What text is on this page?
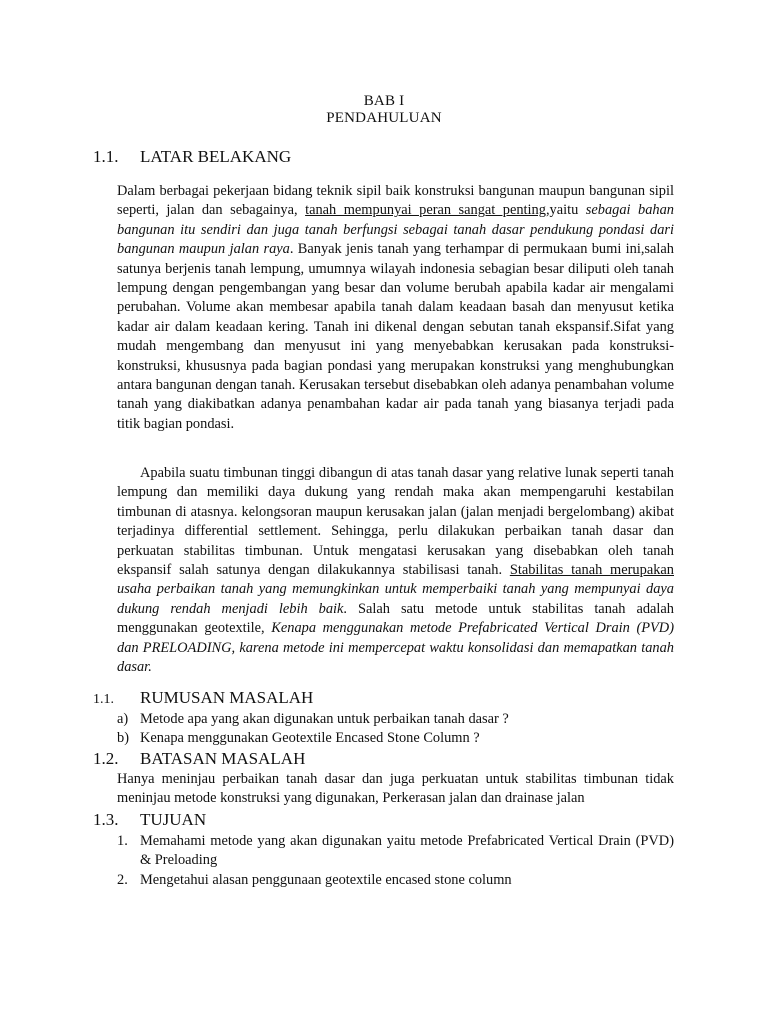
BAB I
PENDAHULUAN
1.1. LATAR BELAKANG
Dalam berbagai pekerjaan bidang teknik sipil baik konstruksi bangunan maupun bangunan sipil seperti, jalan dan sebagainya, tanah mempunyai peran sangat penting,yaitu sebagai bahan bangunan itu sendiri dan juga tanah berfungsi sebagai tanah dasar pendukung pondasi dari bangunan maupun jalan raya. Banyak jenis tanah yang terhampar di permukaan bumi ini,salah satunya berjenis tanah lempung, umumnya wilayah indonesia sebagian besar diliputi oleh tanah lempung dengan pengembangan yang besar dan volume berubah apabila kadar air mengalami perubahan. Volume akan membesar apabila tanah dalam keadaan basah dan menyusut ketika kadar air dalam keadaan kering. Tanah ini dikenal dengan sebutan tanah ekspansif.Sifat yang mudah mengembang dan menyusut ini yang menyebabkan kerusakan pada konstruksi-konstruksi, khususnya pada bagian pondasi yang merupakan konstruksi yang menghubungkan antara bangunan dengan tanah. Kerusakan tersebut disebabkan oleh adanya penambahan volume tanah yang diakibatkan adanya penambahan kadar air pada tanah yang biasanya terjadi pada titik bagian pondasi.
Apabila suatu timbunan tinggi dibangun di atas tanah dasar yang relative lunak seperti tanah lempung dan memiliki daya dukung yang rendah maka akan mempengaruhi kestabilan timbunan di atasnya. kelongsoran maupun kerusakan jalan (jalan menjadi bergelombang) akibat terjadinya differential settlement. Sehingga, perlu dilakukan perbaikan tanah dasar dan perkuatan stabilitas timbunan. Untuk mengatasi kerusakan yang disebabkan oleh tanah ekspansif salah satunya dengan dilakukannya stabilisasi tanah. Stabilitas tanah merupakan usaha perbaikan tanah yang memungkinkan untuk memperbaiki tanah yang mempunyai daya dukung rendah menjadi lebih baik. Salah satu metode untuk stabilitas tanah adalah menggunakan geotextile, Kenapa menggunakan metode Prefabricated Vertical Drain (PVD) dan PRELOADING, karena metode ini mempercepat waktu konsolidasi dan memapatkan tanah dasar.
1.1. RUMUSAN MASALAH
a) Metode apa yang akan digunakan untuk perbaikan tanah dasar ?
b) Kenapa menggunakan Geotextile Encased Stone Column ?
1.2. BATASAN MASALAH
Hanya meninjau perbaikan tanah dasar dan juga perkuatan untuk stabilitas timbunan tidak meninjau metode konstruksi yang digunakan, Perkerasan jalan dan drainase jalan
1.3. TUJUAN
1. Memahami metode yang akan digunakan yaitu metode Prefabricated Vertical Drain (PVD) & Preloading
2. Mengetahui alasan penggunaan geotextile encased stone column
